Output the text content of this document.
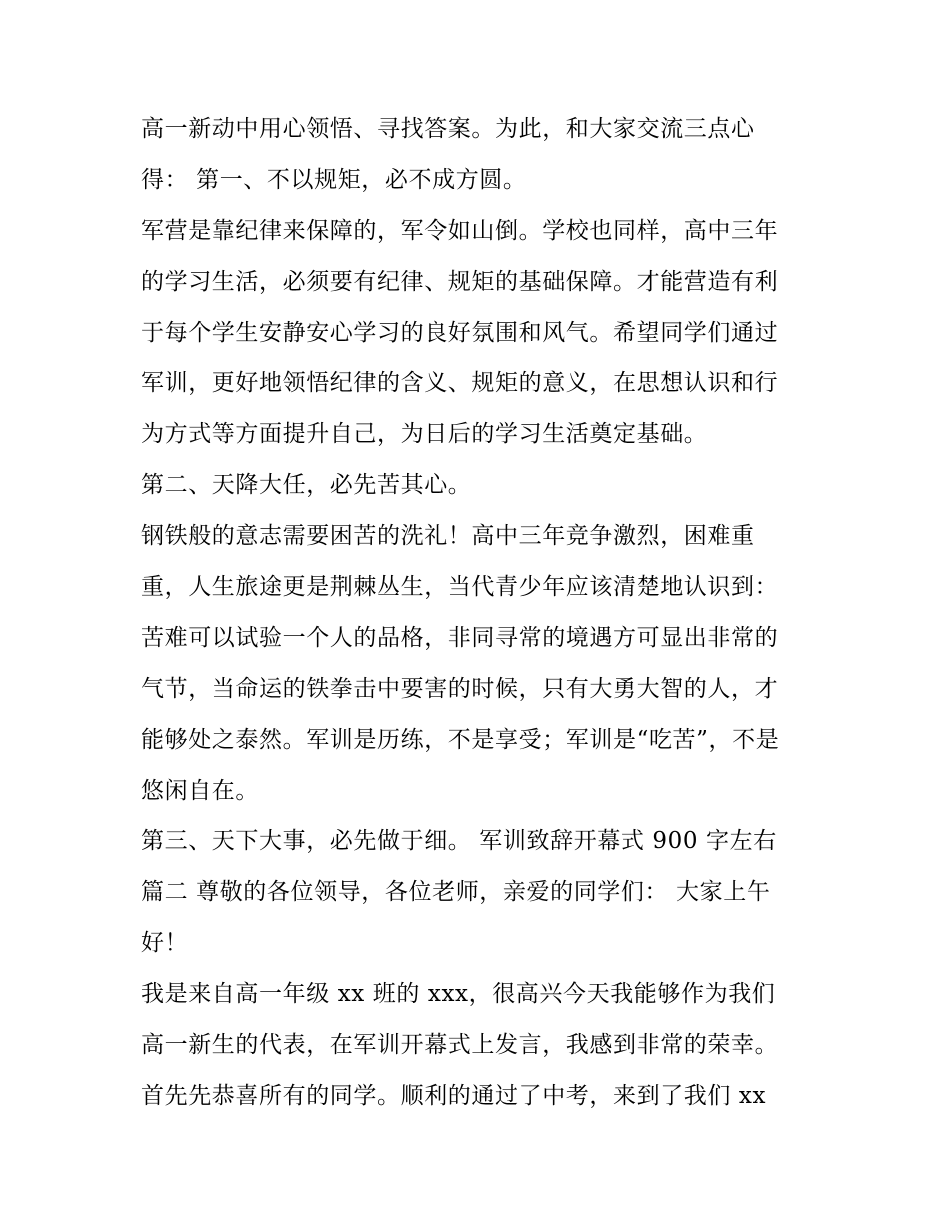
高一新动中用心领悟、寻找答案。为此，和大家交流三点心
得： 第一、不以规矩，必不成方圆。
军营是靠纪律来保障的，军令如山倒。学校也同样，高中三年
的学习生活，必须要有纪律、规矩的基础保障。才能营造有利
于每个学生安静安心学习的良好氛围和风气。希望同学们通过
军训，更好地领悟纪律的含义、规矩的意义，在思想认识和行
为方式等方面提升自己，为日后的学习生活奠定基础。
第二、天降大任，必先苦其心。
钢铁般的意志需要困苦的洗礼！高中三年竞争激烈，困难重
重，人生旅途更是荆棘丛生，当代青少年应该清楚地认识到：
苦难可以试验一个人的品格，非同寻常的境遇方可显出非常的
气节，当命运的铁拳击中要害的时候，只有大勇大智的人，才
能够处之泰然。军训是历练，不是享受；军训是“吃苦”，不是
悠闲自在。
第三、天下大事，必先做于细。 军训致辞开幕式 900 字左右
篇二 尊敬的各位领导，各位老师，亲爱的同学们： 大家上午
好！
我是来自高一年级 xx 班的 xxx，很高兴今天我能够作为我们
高一新生的代表，在军训开幕式上发言，我感到非常的荣幸。
首先先恭喜所有的同学。顺利的通过了中考，来到了我们 xx
